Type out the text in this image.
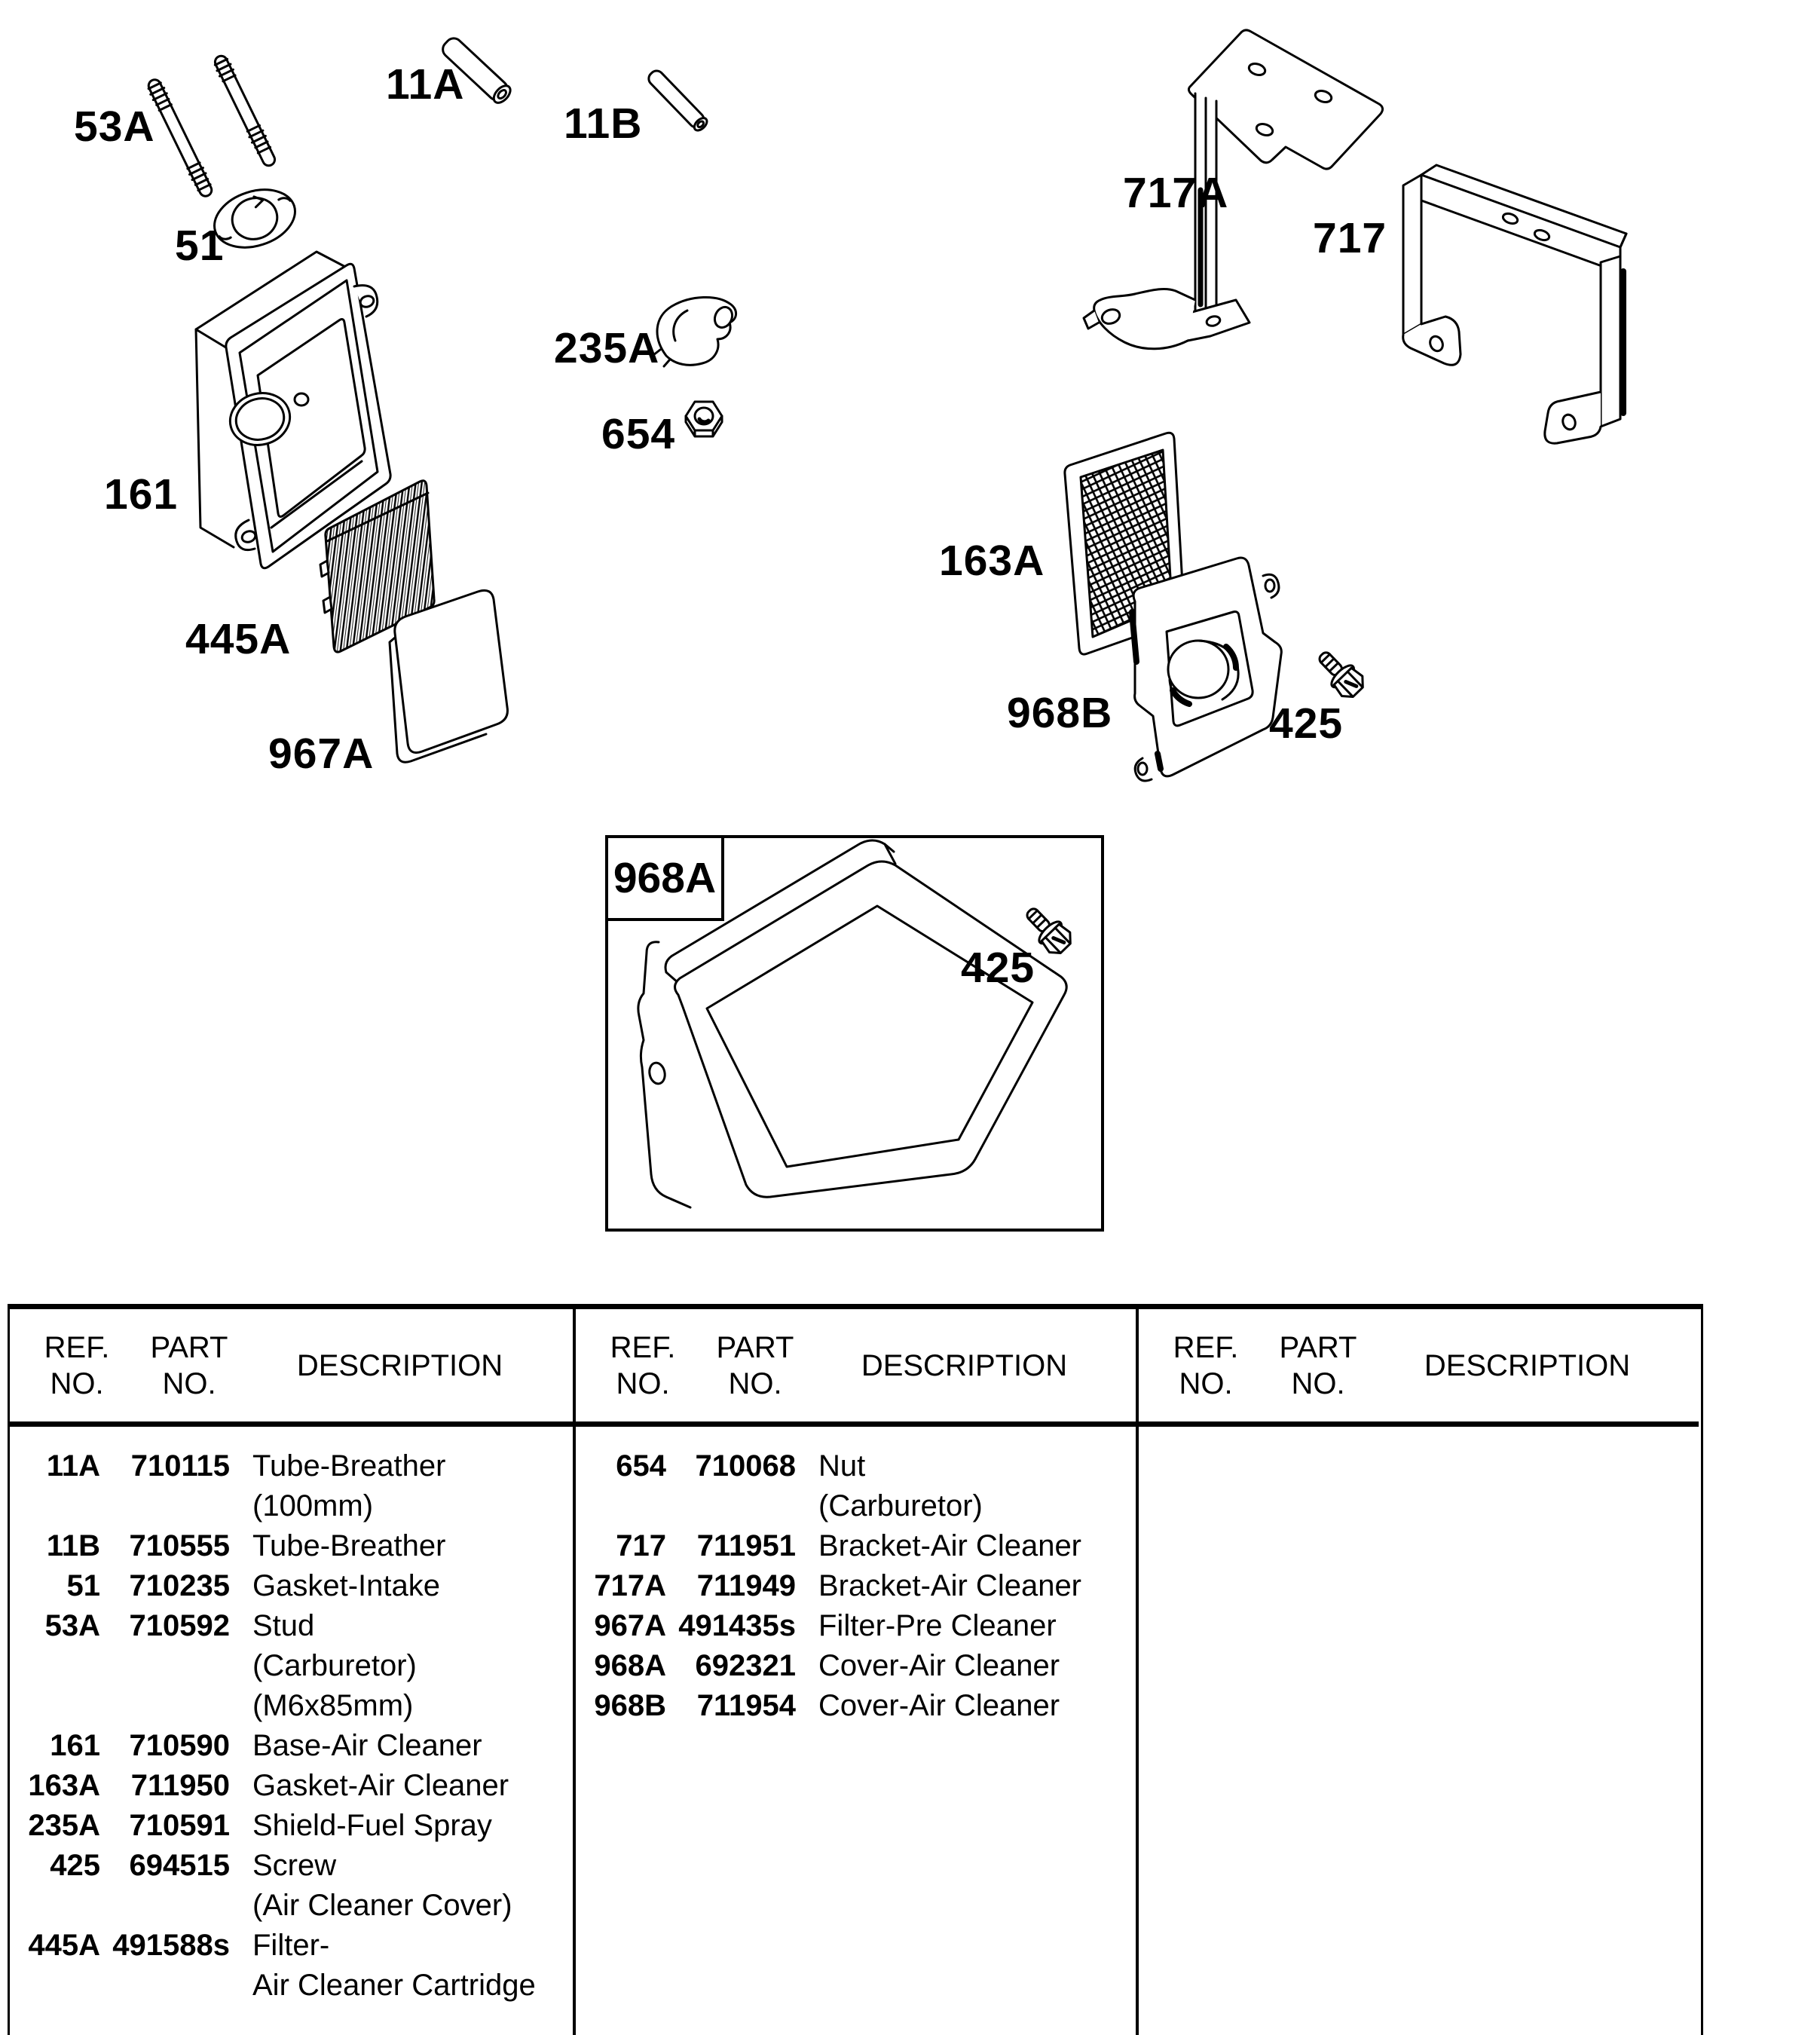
53A
11A
11B
51
235A
654
161
445A
967A
163A
968B	425
717A
717
425
968A
REF.
NO.
PART
NO.
DESCRIPTION
11A	710115 Tube-Breather
(100mm)
11B 710555 Tube-Breather
51 710235 Gasket-Intake
53A 710592 Stud
(Carburetor)
(M6x85mm)
161 710590 Base-Air Cleaner
163A	711950 Gasket-Air Cleaner
235A 710591 Shield-Fuel Spray
425 694515 Screw
(Air Cleaner Cover)
445A 491588s Filter-
Air Cleaner Cartridge
REF.
NO.
PART
NO.
DESCRIPTION
654 710068 Nut
(Carburetor)
717	711951 Bracket-Air Cleaner
717A	711949 Bracket-Air Cleaner
967A 491435s Filter-Pre Cleaner
968A 692321 Cover-Air Cleaner
968B	711954 Cover-Air Cleaner
REF.
NO.
PART
NO.
DESCRIPTION
